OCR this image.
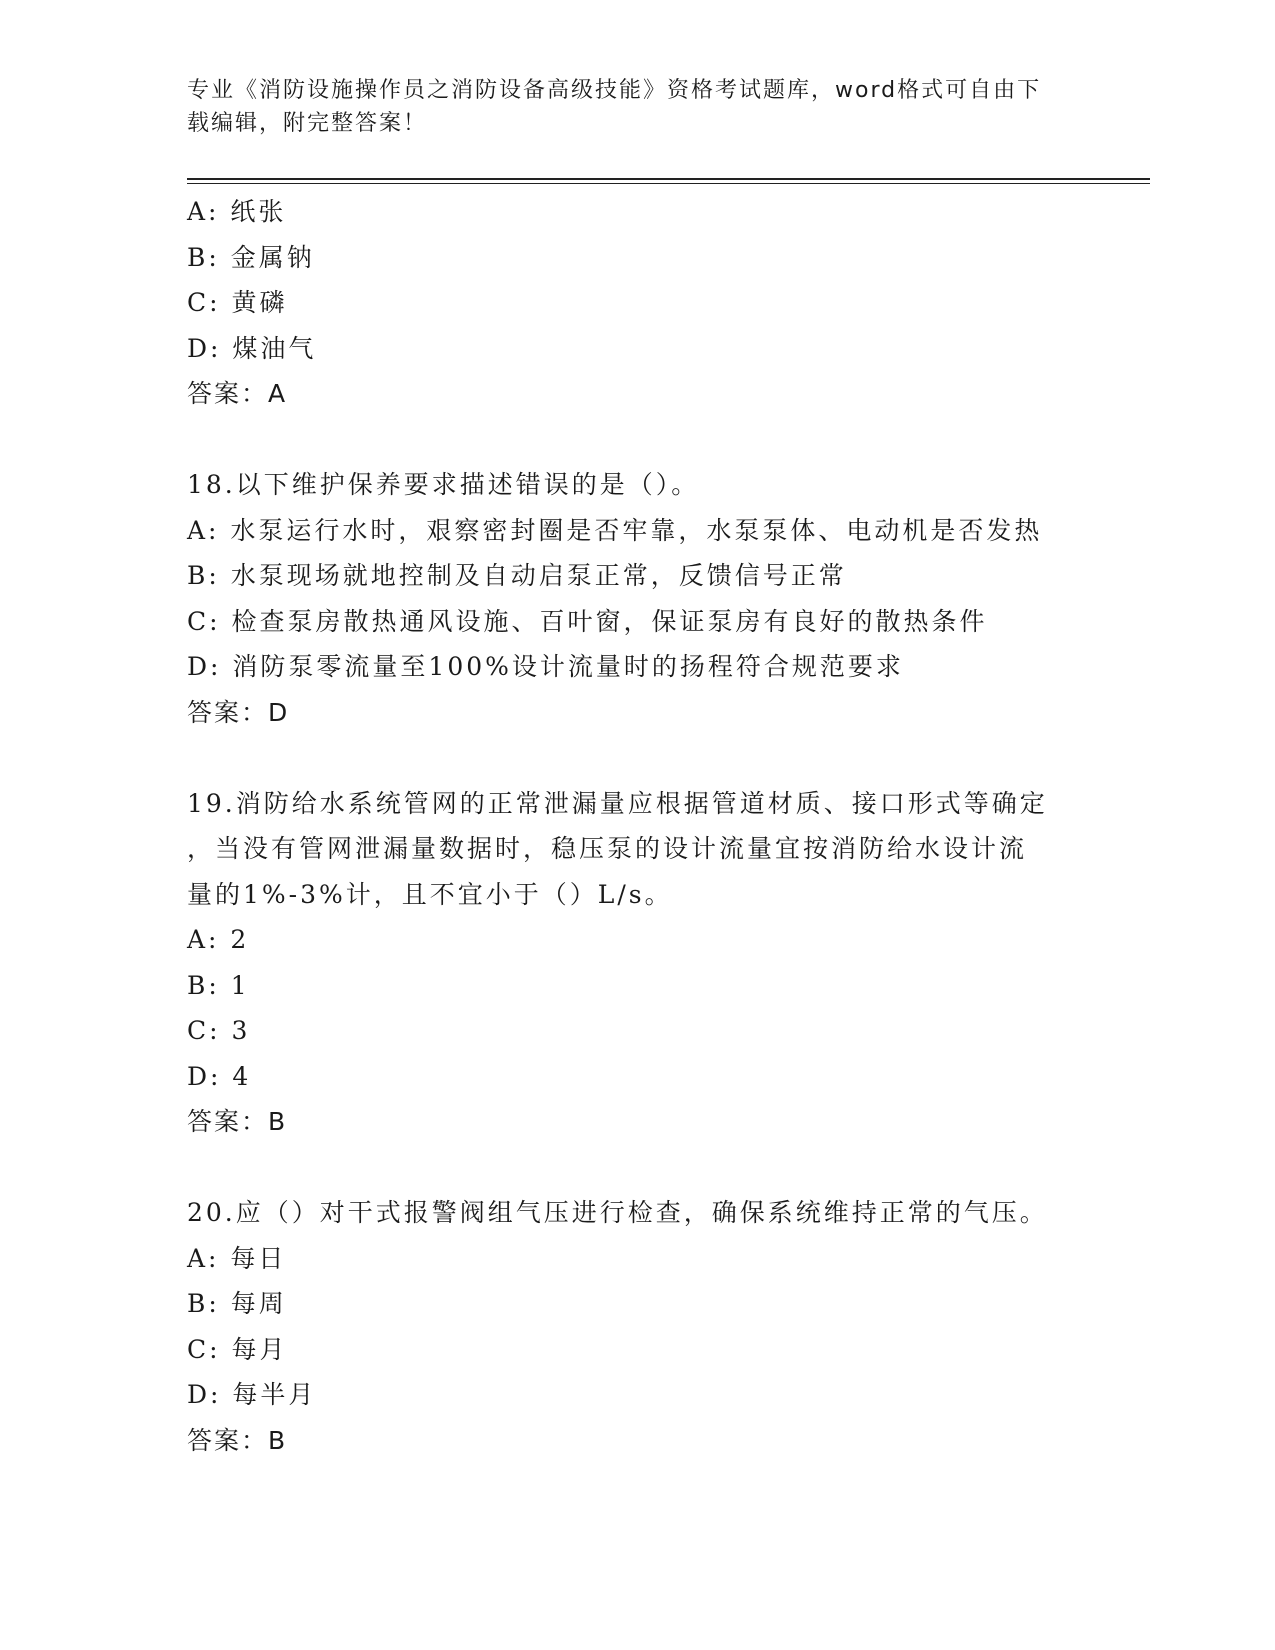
专业《消防设施操作员之消防设备高级技能》资格考试题库，word格式可自由下
载编辑，附完整答案！
A: 纸张
B: 金属钠
C: 黄磷
D: 煤油气
答案：A
18.以下维护保养要求描述错误的是（）。
A: 水泵运行水时，艰察密封圈是否牢靠，水泵泵体、电动机是否发热
B: 水泵现场就地控制及自动启泵正常，反馈信号正常
C: 检查泵房散热通风设施、百叶窗，保证泵房有良好的散热条件
D: 消防泵零流量至100%设计流量时的扬程符合规范要求
答案：D
19.消防给水系统管网的正常泄漏量应根据管道材质、接口形式等确定
，当没有管网泄漏量数据时，稳压泵的设计流量宜按消防给水设计流
量的1%-3%计，且不宜小于（）L/s。
A: 2
B: 1
C: 3
D: 4
答案：B
20.应（）对干式报警阀组气压进行检查，确保系统维持正常的气压。
A: 每日
B: 每周
C: 每月
D: 每半月
答案：B
